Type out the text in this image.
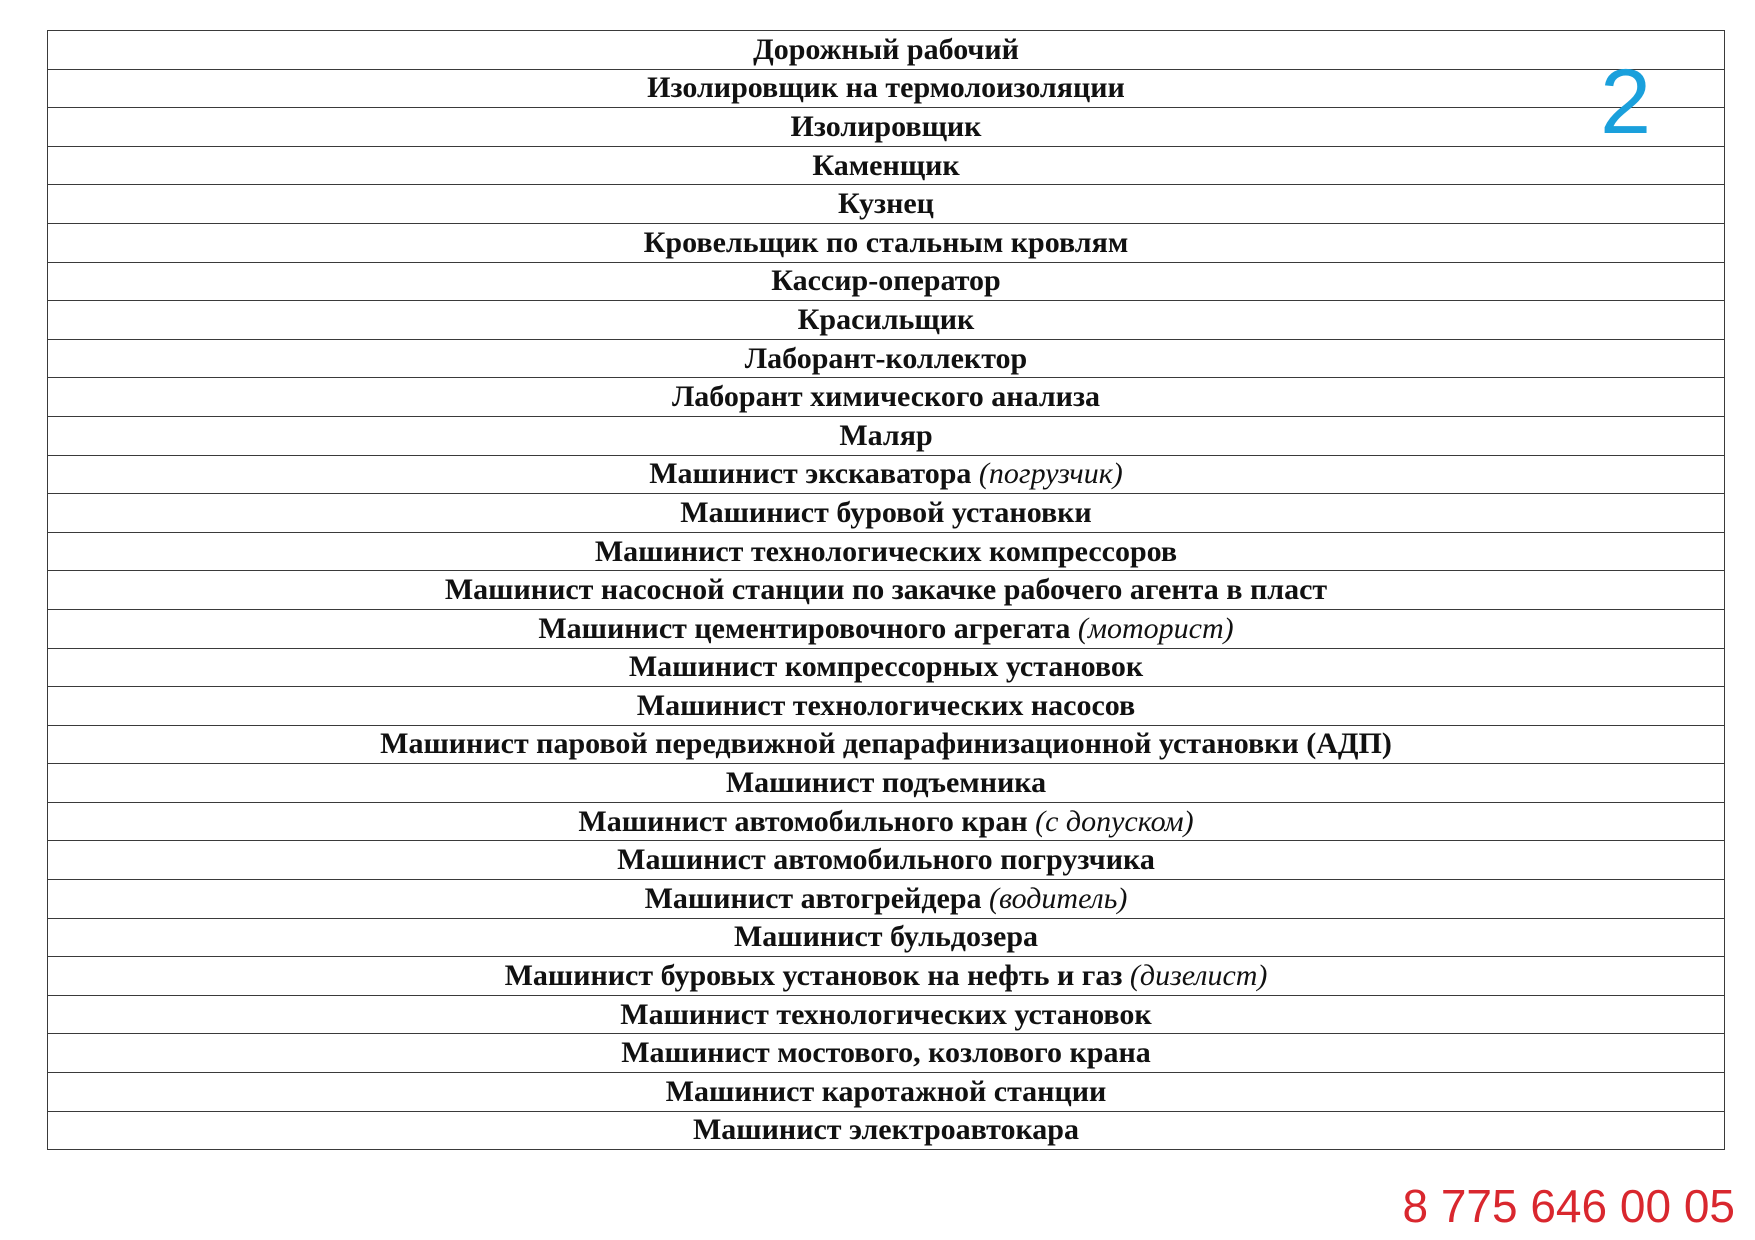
Дорожный рабочий
Изолировщик на термолоизоляции
Изолировщик
Каменщик
Кузнец
Кровельщик по стальным кровлям
Кассир-оператор
Красильщик
Лаборант-коллектор
Лаборант химического анализа
Маляр
Машинист экскаватора (погрузчик)
Машинист буровой установки
Машинист технологических компрессоров
Машинист насосной станции по закачке рабочего агента в пласт
Машинист цементировочного агрегата (моторист)
Машинист компрессорных установок
Машинист технологических насосов
Машинист паровой передвижной депарафинизационной установки (АДП)
Машинист подъемника
Машинист автомобильного кран (с допуском)
Машинист автомобильного погрузчика
Машинист автогрейдера (водитель)
Машинист бульдозера
Машинист буровых установок на нефть и газ (дизелист)
Машинист технологических установок
Машинист мостового, козлового крана
Машинист каротажной станции
Машинист электроавтокара
2
8 775 646 00 05
